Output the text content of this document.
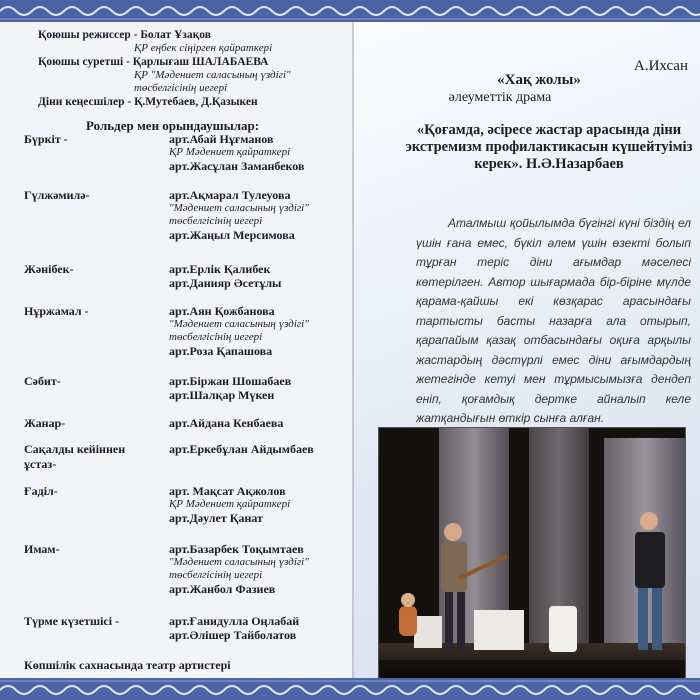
Қоюшы режиссер - Болат Ұзақов
ҚР еңбек сіңірген қайраткері
Қоюшы суретші - Қарлығаш ШАЛАБАЕВА
ҚР "Мәдениет саласының үздігі"
төсбелгісінің иегері
Діни кеңесшілер - Қ.Мутебаев, Д.Қазыкен
Рольдер мен орындаушылар:
Бүркіт -	арт.Абай Нұғманов
ҚР Мәдениет қайраткері
арт.Жасұлан Заманбеков
Гүлжәмилә-	арт.Ақмарал Тулеуова
"Мәдениет саласының үздігі"
төсбелгісінің иегері
арт.Жаңыл Мерсимова
Жәнібек-	арт.Ерлік Қалибек
арт.Данияр Әсетұлы
Нұржамал -	арт.Аян Қожбанова
"Мәдениет саласының үздігі"
төсбелгісінің иегері
арт.Роза Қапашова
Сәбит-	арт.Біржан Шошабаев
арт.Шалқар Мүкен
Жанар-	арт.Айдана Кенбаева
Сақалды кейіннен ұстаз-
арт.Еркебұлан Айдымбаев
Ғаділ-	арт. Мақсат Ақжолов
ҚР Мәдениет қайраткері
арт.Дәулет Қанат
Имам-	арт.Базарбек Тоқымтаев
"Мәдениет саласының үздігі"
төсбелгісінің иегері
арт.Жанбол Фазиев
Түрме күзетшісі -	арт.Ғанидулла Оңлабай
арт.Әлішер Тайболатов
Көпшілік сахнасында театр артистері
А.Ихсан
«Хақ жолы»
әлеуметтік драма
«Қоғамда, әсіресе жастар арасында діни экстремизм профилактикасын күшейтуіміз керек». Н.Ә.Назарбаев

Аталмыш қойылымда бүгінгі күні біздің ел үшін ғана емес, бүкіл әлем үшін өзекті болып тұрған теріс діни ағымдар мәселесі көтерілген. Автор шығармада бір-біріне мүлде қарама-қайшы екі көзқарас арасындағы тартысты басты назарға ала отырып, қарапайым қазақ отбасындағы оқиға арқылы жастардың дәстүрлі емес діни ағымдардың жетегінде кетуі мен тұрмысымызға дендеп еніп, қоғамдық дертке айналып келе жатқандығын өткір сынға алған.
